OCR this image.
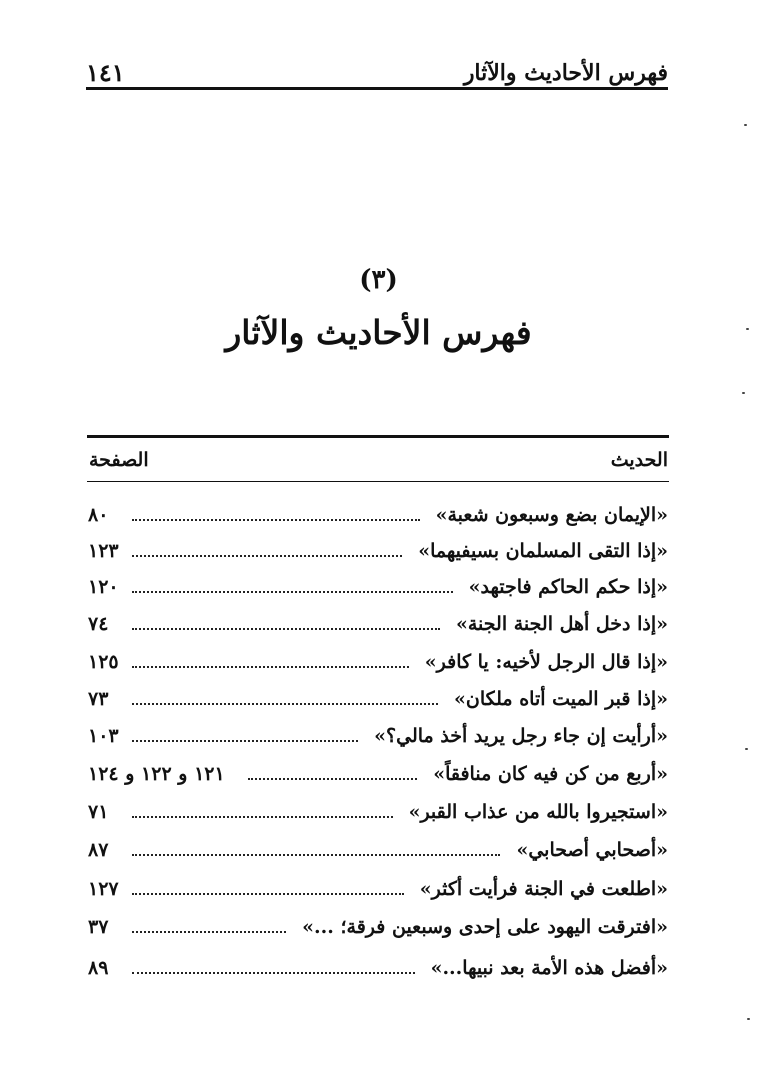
فهرس الأحاديث والآثار
١٤١
(٣)
فهرس الأحاديث والآثار
الحديث
الصفحة
«الإيمان بضع وسبعون شعبة»
٨٠
«إذا التقى المسلمان بسيفيهما»
١٢٣
«إذا حكم الحاكم فاجتهد»
١٢٠
«إذا دخل أهل الجنة الجنة»
٧٤
«إذا قال الرجل لأخيه: يا كافر»
١٢٥
«إذا قبر الميت أتاه ملكان»
٧٣
«أرأيت إن جاء رجل يريد أخذ مالي؟»
١٠٣
«أربع من كن فيه كان منافقاً»
١٢١ و ١٢٢ و ١٢٤
«استجيروا بالله من عذاب القبر»
٧١
«أصحابي أصحابي»
٨٧
«اطلعت في الجنة فرأيت أكثر»
١٢٧
«افترقت اليهود على إحدى وسبعين فرقة؛ ...»
٣٧
«أفضل هذه الأمة بعد نبيها...»
٨٩
